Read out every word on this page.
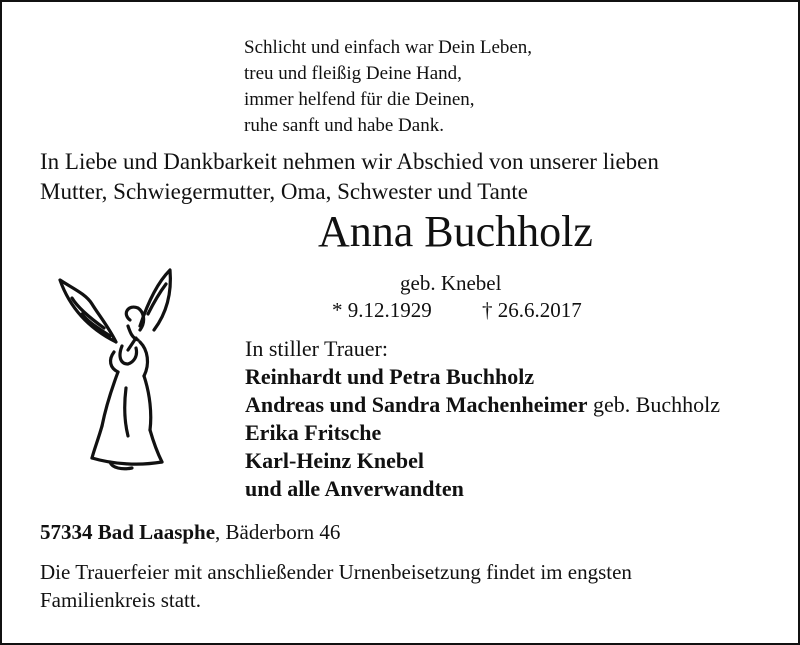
Schlicht und einfach war Dein Leben,
treu und fleißig Deine Hand,
immer helfend für die Deinen,
ruhe sanft und habe Dank.
In Liebe und Dankbarkeit nehmen wir Abschied von unserer lieben
Mutter, Schwiegermutter, Oma, Schwester und Tante
Anna Buchholz
geb. Knebel
* 9.12.1929 † 26.6.2017
In stiller Trauer:
Reinhardt und Petra Buchholz
Andreas und Sandra Machenheimer geb. Buchholz
Erika Fritsche
Karl-Heinz Knebel
und alle Anverwandten
57334 Bad Laasphe, Bäderborn 46
Die Trauerfeier mit anschließender Urnenbeisetzung findet im engsten
Familienkreis statt.
